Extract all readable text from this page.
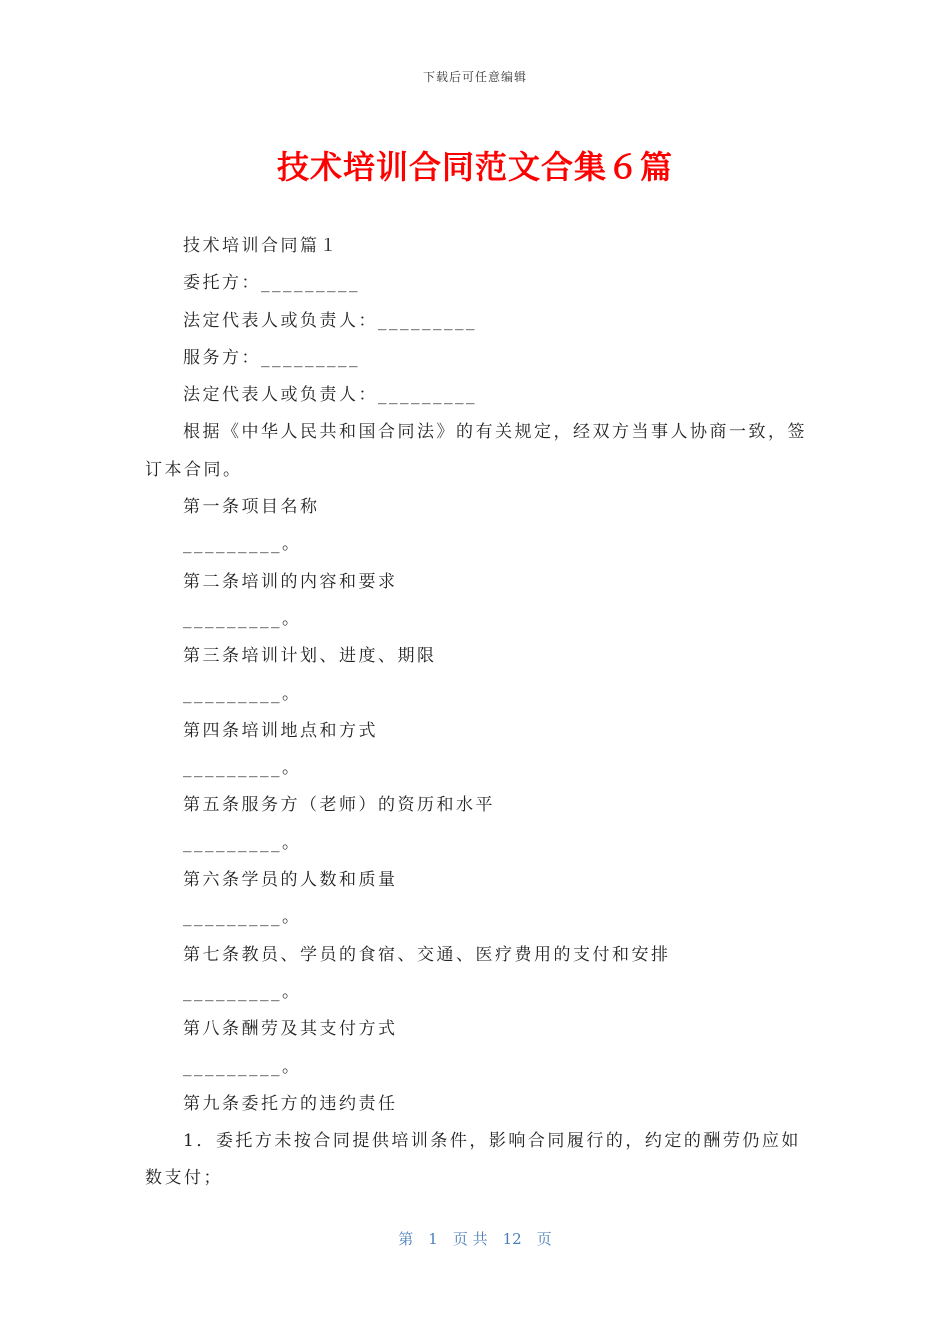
下载后可任意编辑
技术培训合同范文合集６篇

技术培训合同篇１

委托方：_________

法定代表人或负责人：_________

服务方：_________

法定代表人或负责人：_________

根据《中华人民共和国合同法》的有关规定，经双方当事人协商一致，签订本合同。

第一条项目名称

_________。

第二条培训的内容和要求

_________。

第三条培训计划、进度、期限

_________。

第四条培训地点和方式

_________。

第五条服务方（老师）的资历和水平

_________。

第六条学员的人数和质量

_________。

第七条教员、学员的食宿、交通、医疗费用的支付和安排

_________。

第八条酬劳及其支付方式

_________。

第九条委托方的违约责任

1．委托方未按合同提供培训条件，影响合同履行的，约定的酬劳仍应如数支付；

第　1　页 共　12　页
